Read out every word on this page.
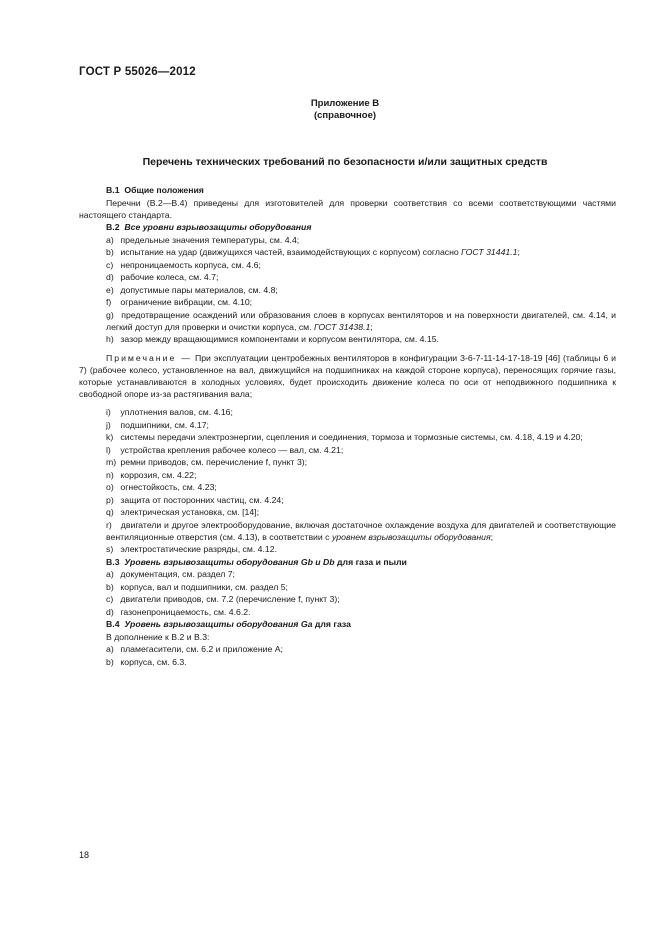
ГОСТ Р 55026—2012
Приложение В
(справочное)
Перечень технических требований по безопасности и/или защитных средств
В.1 Общие положения
Перечни (В.2—В.4) приведены для изготовителей для проверки соответствия со всеми соответствующими частями настоящего стандарта.
В.2 Все уровни взрывозащиты оборудования
a) предельные значения температуры, см. 4.4;
b) испытание на удар (движущихся частей, взаимодействующих с корпусом) согласно ГОСТ 31441.1;
c) непроницаемость корпуса, см. 4.6;
d) рабочие колеса, см. 4.7;
e) допустимые пары материалов, см. 4.8;
f) ограничение вибрации, см. 4.10;
g) предотвращение осаждений или образования слоев в корпусах вентиляторов и на поверхности двигателей, см. 4.14, и легкий доступ для проверки и очистки корпуса, см. ГОСТ 31438.1;
h) зазор между вращающимися компонентами и корпусом вентилятора, см. 4.15.
Примечание — При эксплуатации центробежных вентиляторов в конфигурации 3-6-7-11-14-17-18-19 [46] (таблицы 6 и 7) (рабочее колесо, установленное на вал, движущийся на подшипниках на каждой стороне корпуса), переносящих горячие газы, которые устанавливаются в холодных условиях, будет происходить движение колеса по оси от неподвижного подшипника к свободной опоре из-за растягивания вала;
i) уплотнения валов, см. 4.16;
j) подшипники, см. 4.17;
k) системы передачи электроэнергии, сцепления и соединения, тормоза и тормозные системы, см. 4.18, 4.19 и 4.20;
l) устройства крепления рабочее колесо — вал, см. 4.21;
m) ремни приводов, см. перечисление f, пункт 3);
n) коррозия, см. 4.22;
o) огнестойкость, см. 4.23;
p) защита от посторонних частиц, см. 4.24;
q) электрическая установка, см. [14];
r) двигатели и другое электрооборудование, включая достаточное охлаждение воздуха для двигателей и соответствующие вентиляционные отверстия (см. 4.13), в соответствии с уровнем взрывозащиты оборудования;
s) электростатические разряды, см. 4.12.
В.3 Уровень взрывозащиты оборудования Gb и Db для газа и пыли
a) документация, см. раздел 7;
b) корпуса, вал и подшипники, см. раздел 5;
c) двигатели приводов, см. 7.2 (перечисление f, пункт 3);
d) газонепроницаемость, см. 4.6.2.
В.4 Уровень взрывозащиты оборудования Ga для газа
В дополнение к В.2 и В.3:
a) пламегасители, см. 6.2 и приложение А;
b) корпуса, см. 6.3.
18
